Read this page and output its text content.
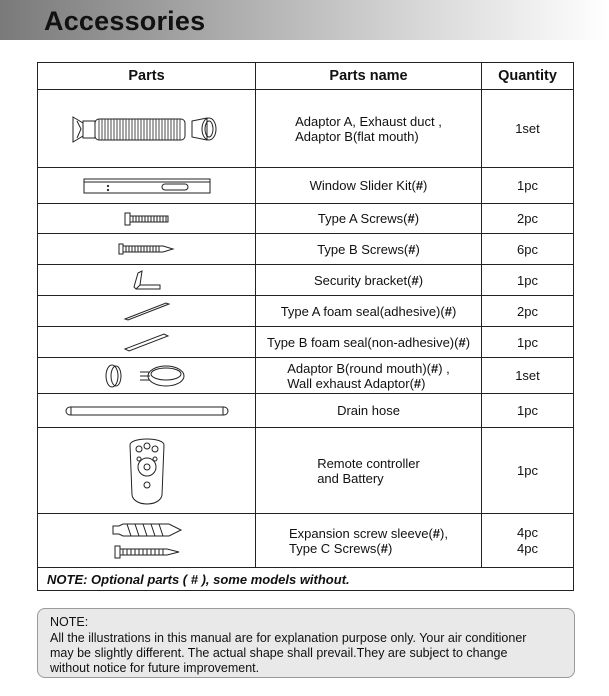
Accessories
Parts	Parts name	Quantity

	Adaptor A, Exhaust duct ,
Adaptor B(flat mouth)	1set

	Window Slider Kit(#)	1pc

	Type A Screws(#)	2pc

	Type B Screws(#)	6pc

	Security bracket(#)	1pc

	Type A foam seal(adhesive)(#)	2pc

	Type B foam seal(non-adhesive)(#)	1pc

	Adaptor B(round mouth)(#) ,
Wall exhaust Adaptor(#)	1set

	Drain hose	1pc

	Remote controller
and Battery	1pc

	Expansion screw sleeve(#),
Type C Screws(#)	4pc
4pc
NOTE: Optional parts ( # ), some models without.		
NOTE:
All the illustrations in this manual are for explanation purpose only. Your air conditioner
may be slightly different. The actual shape shall prevail.They are subject to change
without notice for future improvement.
